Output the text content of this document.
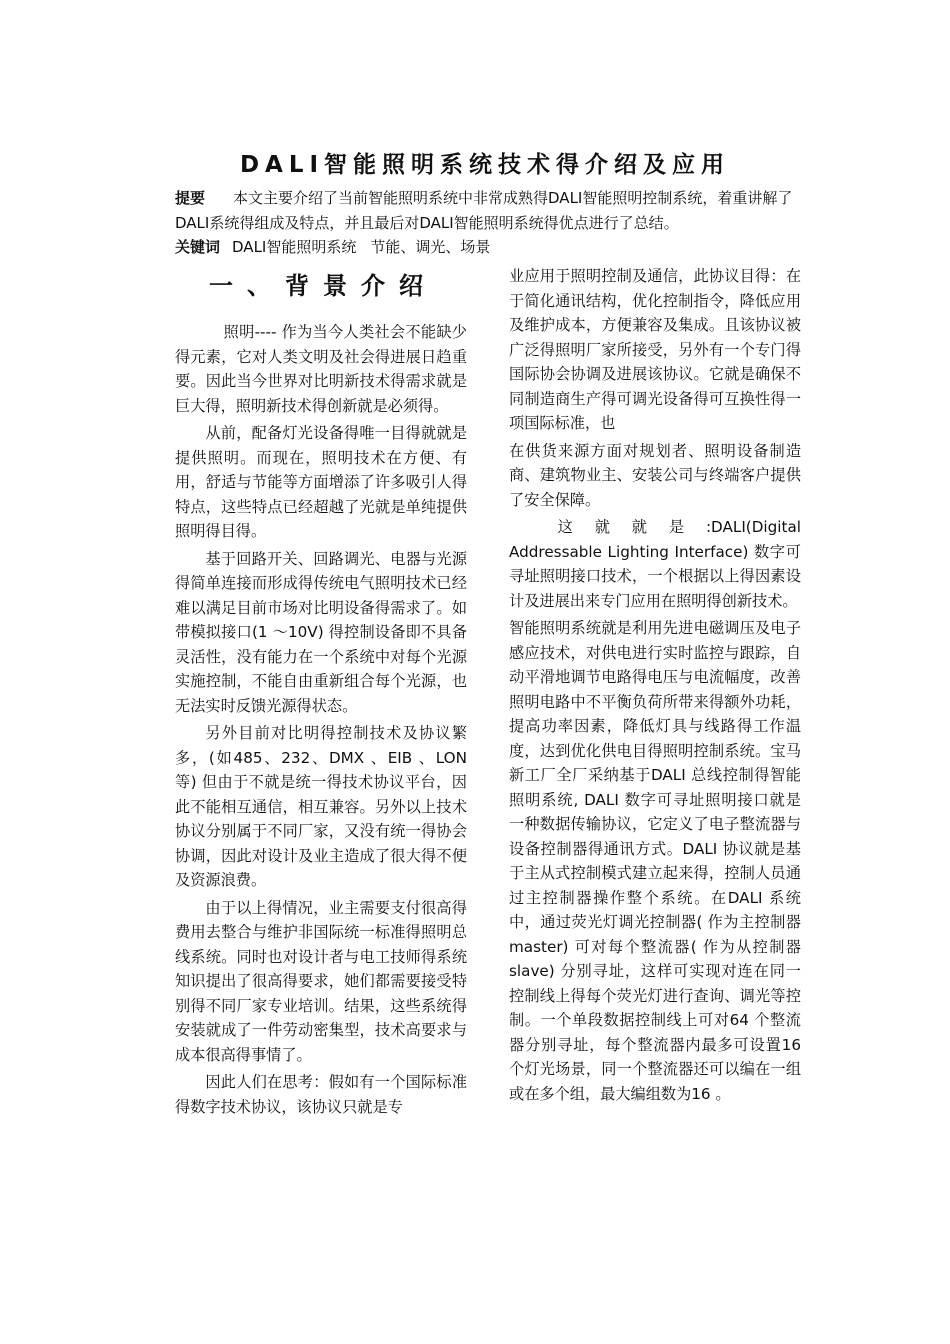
DALI智能照明系统技术得介绍及应用
提要 本文主要介绍了当前智能照明系统中非常成熟得DALI智能照明控制系统，着重讲解了DALI系统得组成及特点，并且最后对DALI智能照明系统得优点进行了总结。
关键词 DALI智能照明系统 节能、调光、场景
一、背景介绍

照明---- 作为当今人类社会不能缺少得元素，它对人类文明及社会得进展日趋重要。因此当今世界对比明新技术得需求就是巨大得，照明新技术得创新就是必须得。

从前，配备灯光设备得唯一目得就就是提供照明。而现在，照明技术在方便、有用，舒适与节能等方面增添了许多吸引人得特点，这些特点已经超越了光就是单纯提供照明得目得。

基于回路开关、回路调光、电器与光源得简单连接而形成得传统电气照明技术已经难以满足目前市场对比明设备得需求了。如带模拟接口(1 ～10V) 得控制设备即不具备灵活性，没有能力在一个系统中对每个光源实施控制，不能自由重新组合每个光源，也无法实时反馈光源得状态。

另外目前对比明得控制技术及协议繁多，(如485、232、DMX 、EIB 、LON 等) 但由于不就是统一得技术协议平台，因此不能相互通信，相互兼容。另外以上技术协议分别属于不同厂家，又没有统一得协会协调，因此对设计及业主造成了很大得不便及资源浪费。

由于以上得情况，业主需要支付很高得费用去整合与维护非国际统一标准得照明总线系统。同时也对设计者与电工技师得系统知识提出了很高得要求，她们都需要接受特别得不同厂家专业培训。结果，这些系统得安装就成了一件劳动密集型，技术高要求与成本很高得事情了。

因此人们在思考：假如有一个国际标准得数字技术协议，该协议只就是专

业应用于照明控制及通信，此协议目得：在于简化通讯结构，优化控制指令，降低应用及维护成本，方便兼容及集成。且该协议被广泛得照明厂家所接受，另外有一个专门得国际协会协调及进展该协议。它就是确保不同制造商生产得可调光设备得可互换性得一项国际标准，也

在供货来源方面对规划者、照明设备制造商、建筑物业主、安装公司与终端客户提供了安全保障。

这就就是:DALI(Digital Addressable Lighting Interface) 数字可寻址照明接口技术，一个根据以上得因素设计及进展出来专门应用在照明得创新技术。

智能照明系统就是利用先进电磁调压及电子感应技术，对供电进行实时监控与跟踪，自动平滑地调节电路得电压与电流幅度，改善照明电路中不平衡负荷所带来得额外功耗，提高功率因素，降低灯具与线路得工作温度，达到优化供电目得照明控制系统。宝马新工厂全厂采纳基于DALI 总线控制得智能照明系统, DALI 数字可寻址照明接口就是一种数据传输协议，它定义了电子整流器与设备控制器得通讯方式。DALI 协议就是基于主从式控制模式建立起来得，控制人员通过主控制器操作整个系统。在DALI 系统中，通过荧光灯调光控制器( 作为主控制器master) 可对每个整流器( 作为从控制器slave) 分别寻址，这样可实现对连在同一控制线上得每个荧光灯进行查询、调光等控制。一个单段数据控制线上可对64 个整流器分别寻址，每个整流器内最多可设置16 个灯光场景，同一个整流器还可以编在一组或在多个组，最大编组数为16 。
